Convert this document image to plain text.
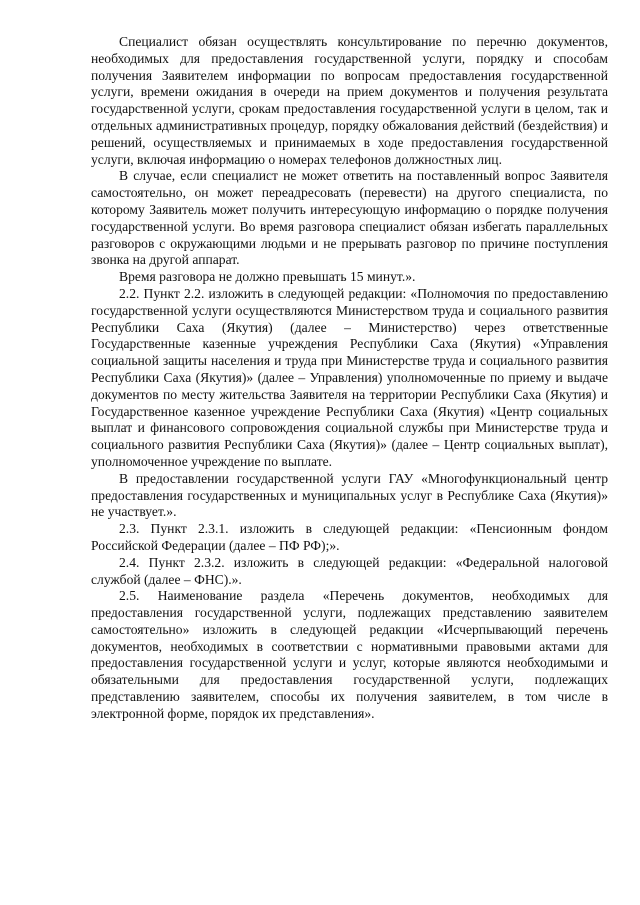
Специалист обязан осуществлять консультирование по перечню документов, необходимых для предоставления государственной услуги, порядку и способам получения Заявителем информации по вопросам предоставления государственной услуги, времени ожидания в очереди на прием документов и получения результата государственной услуги, срокам предоставления государственной услуги в целом, так и отдельных административных процедур, порядку обжалования действий (бездействия) и решений, осуществляемых и принимаемых в ходе предоставления государственной услуги, включая информацию о номерах телефонов должностных лиц.

В случае, если специалист не может ответить на поставленный вопрос Заявителя самостоятельно, он может переадресовать (перевести) на другого специалиста, по которому Заявитель может получить интересующую информацию о порядке получения государственной услуги. Во время разговора специалист обязан избегать параллельных разговоров с окружающими людьми и не прерывать разговор по причине поступления звонка на другой аппарат.

Время разговора не должно превышать 15 минут.».

2.2. Пункт 2.2. изложить в следующей редакции: «Полномочия по предоставлению государственной услуги осуществляются Министерством труда и социального развития Республики Саха (Якутия) (далее – Министерство) через ответственные Государственные казенные учреждения Республики Саха (Якутия) «Управления социальной защиты населения и труда при Министерстве труда и социального развития Республики Саха (Якутия)» (далее – Управления) уполномоченные по приему и выдаче документов по месту жительства Заявителя на территории Республики Саха (Якутия) и Государственное казенное учреждение Республики Саха (Якутия) «Центр социальных выплат и финансового сопровождения социальной службы при Министерстве труда и социального развития Республики Саха (Якутия)» (далее – Центр социальных выплат), уполномоченное учреждение по выплате.

В предоставлении государственной услуги ГАУ «Многофункциональный центр предоставления государственных и муниципальных услуг в Республике Саха (Якутия)» не участвует.».

2.3. Пункт 2.3.1. изложить в следующей редакции: «Пенсионным фондом Российской Федерации (далее – ПФ РФ);».

2.4. Пункт 2.3.2. изложить в следующей редакции: «Федеральной налоговой службой (далее – ФНС).».

2.5. Наименование раздела «Перечень документов, необходимых для предоставления государственной услуги, подлежащих представлению заявителем самостоятельно» изложить в следующей редакции «Исчерпывающий перечень документов, необходимых в соответствии с нормативными правовыми актами для предоставления государственной услуги и услуг, которые являются необходимыми и обязательными для предоставления государственной услуги, подлежащих представлению заявителем, способы их получения заявителем, в том числе в электронной форме, порядок их представления».
